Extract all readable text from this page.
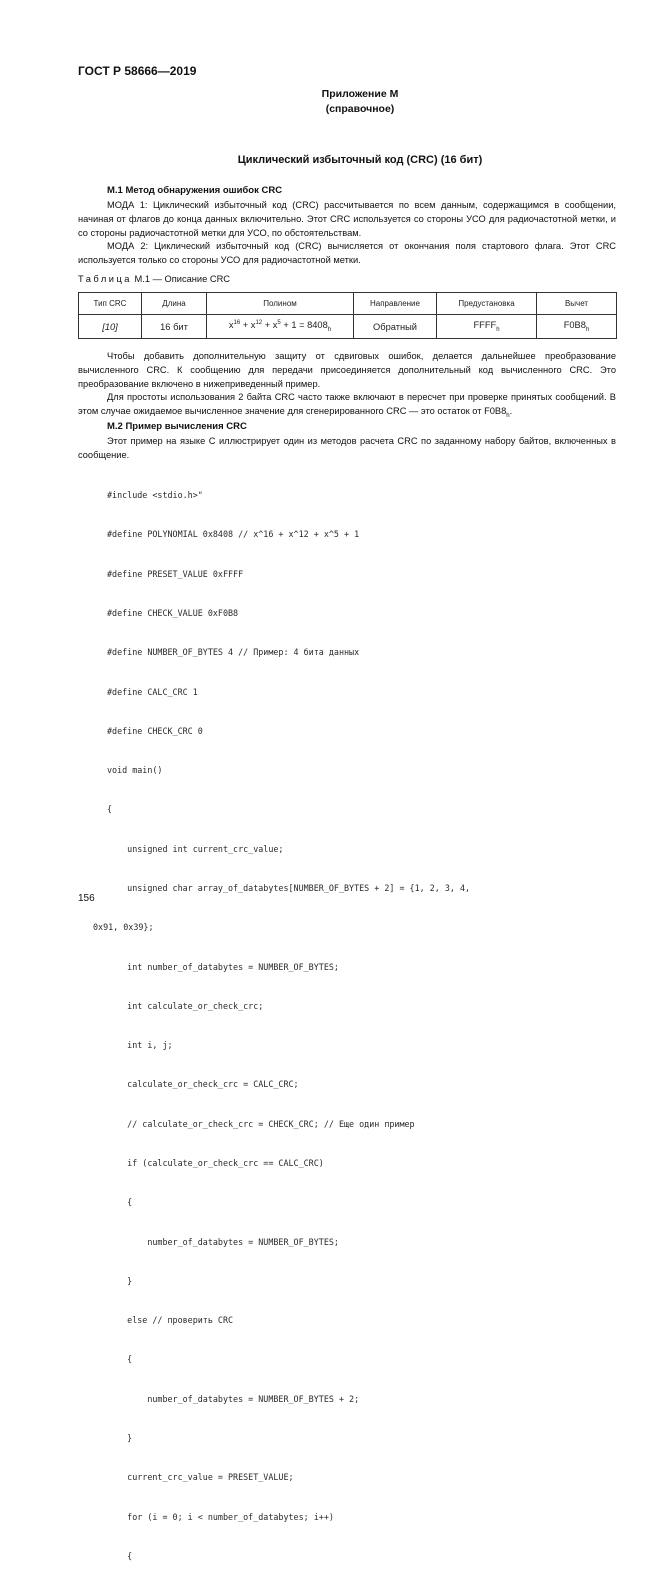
ГОСТ Р 58666—2019
Приложение М
(справочное)
Циклический избыточный код (CRC) (16 бит)
М.1 Метод обнаружения ошибок CRC

МОДА 1: Циклический избыточный код (CRC) рассчитывается по всем данным, содержащимся в сообщении, начиная от флагов до конца данных включительно. Этот CRC используется со стороны УСО для радиочастотной метки, и со стороны радиочастотной метки для УСО, по обстоятельствам.

МОДА 2: Циклический избыточный код (CRC) вычисляется от окончания поля стартового флага. Этот CRC используется только со стороны УСО для радиочастотной метки.

Таблица М.1 — Описание CRC
Тип CRC	Длина	Полином	Направление	Предустановка	Вычет
[10]	16 бит	$x^{16} + x^{12} + x^5 + 1 = 8408_h$	Обратный	$FFFF_h$	$F0B8_h$

Чтобы добавить дополнительную защиту от сдвиговых ошибок, делается дальнейшее преобразование вычисленного CRC. К сообщению для передачи присоединяется дополнительный код вычисленного CRC. Это преобразование включено в нижеприведенный пример.

Для простоты использования 2 байта CRC часто также включают в пересчет при проверке принятых сообщений. В этом случае ожидаемое вычисленное значение для сгенерированного CRC — это остаток от $F0B8_h$.

М.2 Пример вычисления CRC

Этот пример на языке С иллюстрирует один из методов расчета CRC по заданному набору байтов, включенных в сообщение.

#include <stdio.h>"

#define POLYNOMIAL 0x8408 // x^16 + x^12 + x^5 + 1

#define PRESET_VALUE 0xFFFF

#define CHECK_VALUE 0xF0B8

#define NUMBER_OF_BYTES 4 // Пример: 4 бита данных

#define CALC_CRC 1

#define CHECK_CRC 0

void main()

{

unsigned int current_crc_value;

unsigned char array_of_databytes[NUMBER_OF_BYTES + 2] = {1, 2, 3, 4,

0x91, 0x39};

int number_of_databytes = NUMBER_OF_BYTES;

int calculate_or_check_crc;

int i, j;

calculate_or_check_crc = CALC_CRC;

// calculate_or_check_crc = CHECK_CRC; // Еще один пример

if (calculate_or_check_crc == CALC_CRC)

{

number_of_databytes = NUMBER_OF_BYTES;

}

else // проверить CRC

{

number_of_databytes = NUMBER_OF_BYTES + 2;

}

current_crc_value = PRESET_VALUE;

for (i = 0; i < number_of_databytes; i++)

{

156
